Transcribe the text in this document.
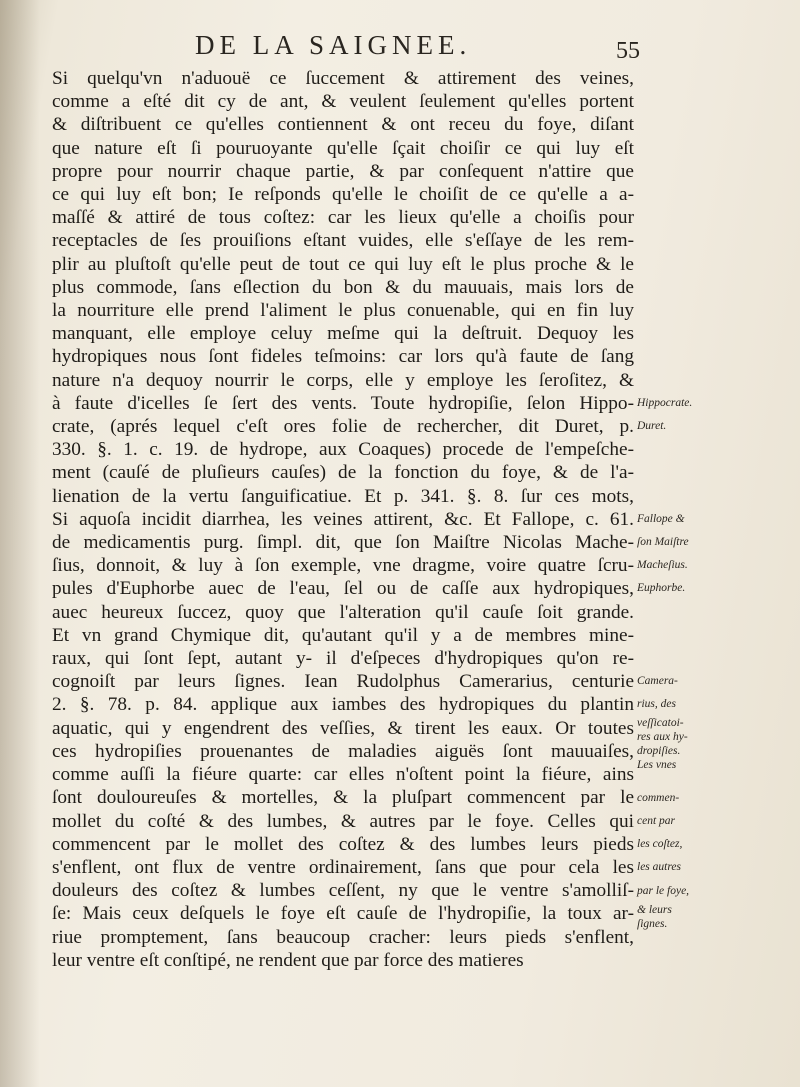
DE LA SAIGNEE.	55
Si quelqu'vn n'aduouë ce ſuccement & attirement des veines,
comme a eſté dit cy de ant, & veulent ſeulement qu'elles portent
& diſtribuent ce qu'elles contiennent & ont receu du foye, diſant
que nature eſt ſi pouruoyante qu'elle ſçait choiſir ce qui luy eſt
propre pour nourrir chaque partie, & par conſequent n'attire que
ce qui luy eſt bon; Ie reſponds qu'elle le choiſit de ce qu'elle a a-
maſſé & attiré de tous coſtez: car les lieux qu'elle a choiſis pour
receptacles de ſes prouiſions eſtant vuides, elle s'eſſaye de les rem-
plir au pluſtoſt qu'elle peut de tout ce qui luy eſt le plus proche & le
plus commode, ſans eſlection du bon & du mauuais, mais lors de
la nourriture elle prend l'aliment le plus conuenable, qui en fin luy
manquant, elle employe celuy meſme qui la deſtruit. Dequoy les
hydropiques nous ſont fideles teſmoins: car lors qu'à faute de ſang
nature n'a dequoy nourrir le corps, elle y employe les ſeroſitez, &
à faute d'icelles ſe ſert des vents. Toute hydropiſie, ſelon Hippo-
crate, (aprés lequel c'eſt ores folie de rechercher, dit Duret, p.
330. §. 1. c. 19. de hydrope, aux Coaques) procede de l'empeſche-
ment (cauſé de pluſieurs cauſes) de la fonction du foye, & de l'a-
lienation de la vertu ſanguificatiue. Et p. 341. §. 8. ſur ces mots,
Si aquoſa incidit diarrhea, les veines attirent, &c. Et Fallope, c. 61.
de medicamentis purg. ſimpl. dit, que ſon Maiſtre Nicolas Mache-
ſius, donnoit, & luy à ſon exemple, vne dragme, voire quatre ſcru-
pules d'Euphorbe auec de l'eau, ſel ou de caſſe aux hydropiques,
auec heureux ſuccez, quoy que l'alteration qu'il cauſe ſoit grande.
Et vn grand Chymique dit, qu'autant qu'il y a de membres mine-
raux, qui ſont ſept, autant y- il d'eſpeces d'hydropiques qu'on re-
cognoiſt par leurs ſignes. Iean Rudolphus Camerarius, centurie
2. §. 78. p. 84. applique aux iambes des hydropiques du plantin
aquatic, qui y engendrent des veſſies, & tirent les eaux. Or toutes
ces hydropiſies prouenantes de maladies aiguës ſont mauuaiſes,
comme auſſi la fiéure quarte: car elles n'oſtent point la fiéure, ains
ſont douloureuſes & mortelles, & la pluſpart commencent par le
mollet du coſté & des lumbes, & autres par le foye. Celles qui
commencent par le mollet des coſtez & des lumbes leurs pieds
s'enflent, ont flux de ventre ordinairement, ſans que pour cela les
douleurs des coſtez & lumbes ceſſent, ny que le ventre s'amolliſ-
ſe: Mais ceux deſquels le foye eſt cauſe de l'hydropiſie, la toux ar-
riue promptement, ſans beaucoup cracher: leurs pieds s'enflent,
leur ventre eſt conſtipé, ne rendent que par force des matieres
Hippocrate.
Duret.
Fallope &
ſon Maiſtre
Macheſius.
Euphorbe.
Camera-
rius, des
veſſicatoi-
res aux hy-
dropiſies.
Les vnes
commen-
cent par
les coſtez,
les autres
par le foye,
& leurs
ſignes.
